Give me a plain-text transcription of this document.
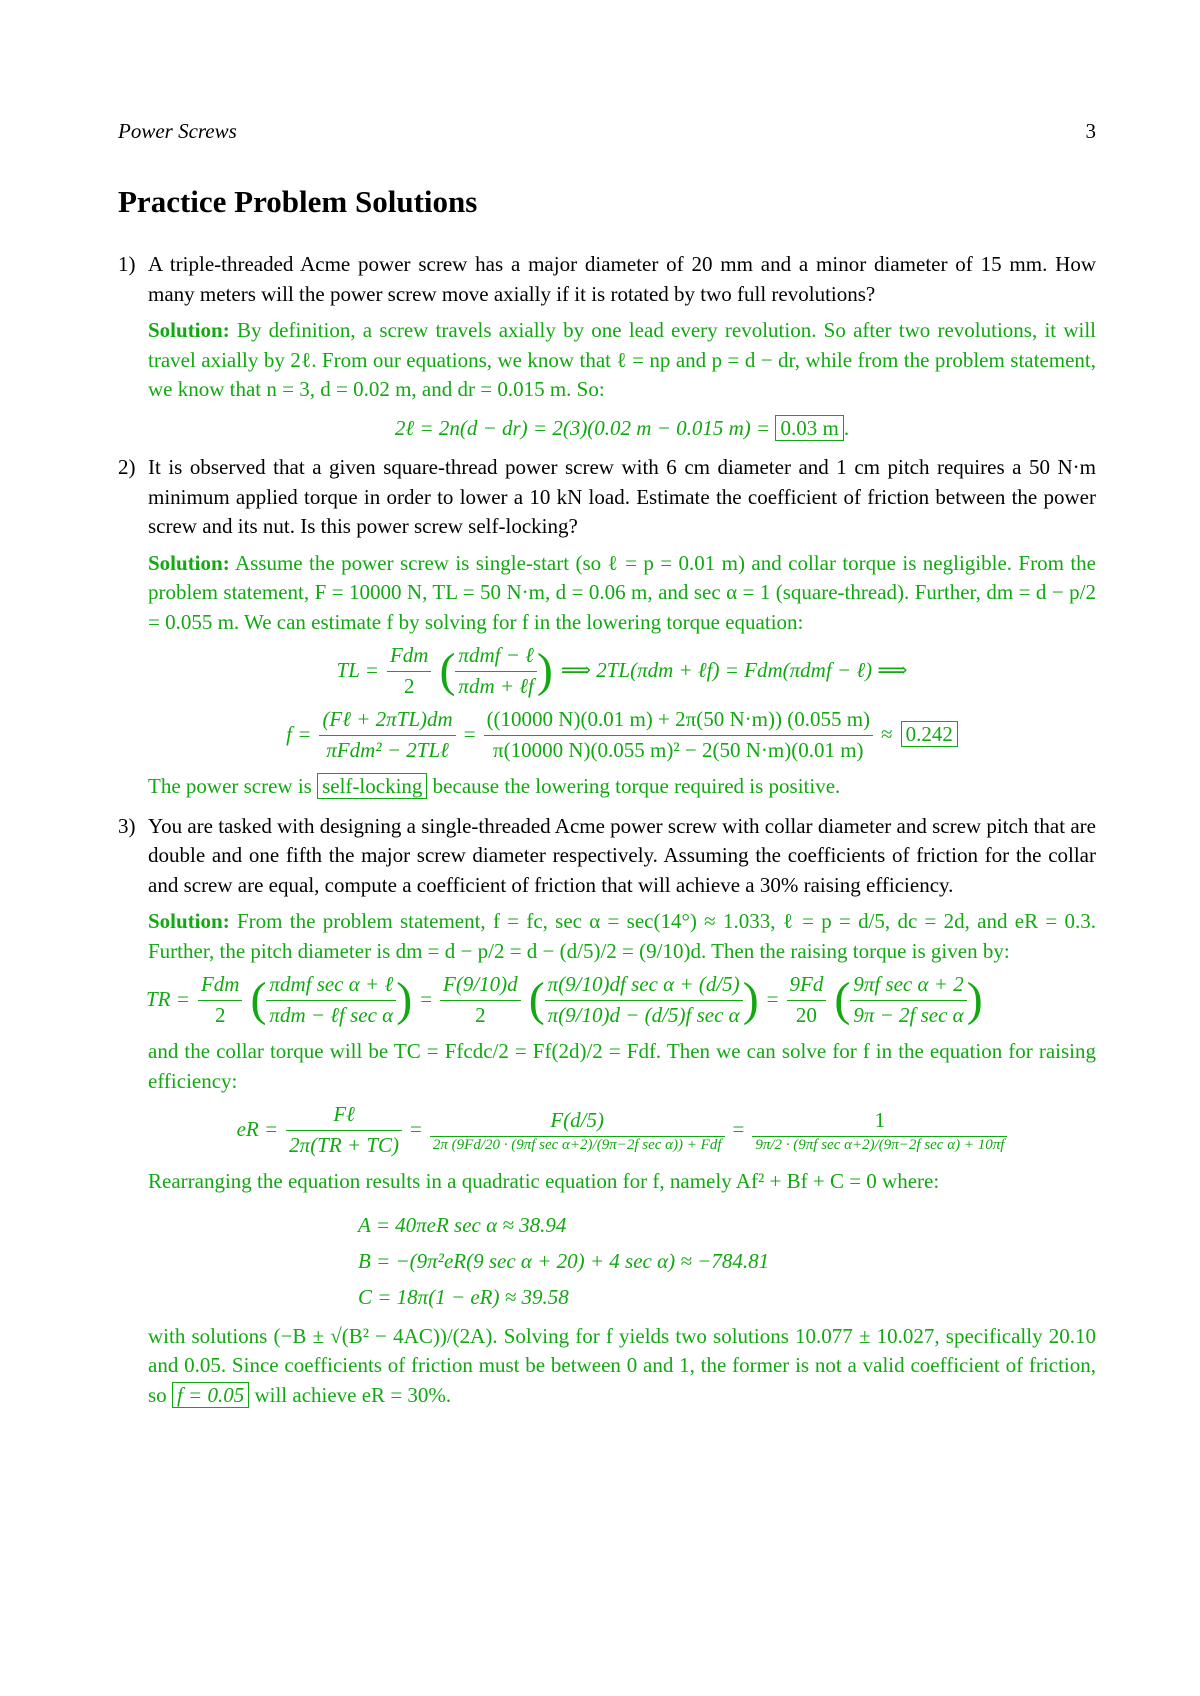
Power Screws	3
Practice Problem Solutions
1) A triple-threaded Acme power screw has a major diameter of 20 mm and a minor diameter of 15 mm. How many meters will the power screw move axially if it is rotated by two full revolutions?
Solution: By definition, a screw travels axially by one lead every revolution. So after two revolutions, it will travel axially by 2ℓ. From our equations, we know that ℓ = np and p = d − dr, while from the problem statement, we know that n = 3, d = 0.02 m, and dr = 0.015 m. So:
2ℓ = 2n(d − dr) = 2(3)(0.02 m − 0.015 m) = 0.03 m .
2) It is observed that a given square-thread power screw with 6 cm diameter and 1 cm pitch requires a 50 N·m minimum applied torque in order to lower a 10 kN load. Estimate the coefficient of friction between the power screw and its nut. Is this power screw self-locking?
Solution: Assume the power screw is single-start (so ℓ = p = 0.01 m) and collar torque is negligible. From the problem statement, F = 10000 N, TL = 50 N·m, d = 0.06 m, and sec α = 1 (square-thread). Further, dm = d − p/2 = 0.055 m. We can estimate f by solving for f in the lowering torque equation:
TL =	$\frac{\text{Fdm}}{2}$	( $\frac{\text{πdmf − ℓ}}{\text{πdm + ℓf}}$ )	⟹ 2TL(πdm + ℓf) = Fdm(πdmf − ℓ) ⟹
f =	$\frac{\text{(Fℓ + 2πTL)dm}}{\text{πFdm² − 2TLℓ}}$	=	$\frac{((10000 N)(0.01 m) + 2\pi(50 N\cdot m)) (0.055 m)}{\text{π(10000 N)(0.055 m)² − 2(50 N·m)(0.01 m)}}$	≈	0.242
The power screw is self-locking because the lowering torque required is positive.
3) You are tasked with designing a single-threaded Acme power screw with collar diameter and screw pitch that are double and one fifth the major screw diameter respectively. Assuming the coefficients of friction for the collar and screw are equal, compute a coefficient of friction that will achieve a 30% raising efficiency.
Solution: From the problem statement, f = fc, sec α = sec(14°) ≈ 1.033, ℓ = p = d/5, dc = 2d, and eR = 0.3. Further, the pitch diameter is dm = d − p/2 = d − (d/5)/2 = (9/10)d. Then the raising torque is given by:
TR =	$\frac{\text{Fdm}}{2}$	( $\frac{\text{πdmf sec α + ℓ}}{\text{πdm − ℓf sec α}}$ )	=	$\frac{F(9/10)d}{2}$	( $\frac{\text{π(9/10)df sec α + (d/5)}}{\text{π(9/10)d − (d/5)f sec α}}$ )	=	$\frac{9Fd}{20}$	( $\frac{\text{9πf sec α + 2}}{\text{9π − 2f sec α}}$ )
and the collar torque will be TC = Ffcdc/2 = Ff(2d)/2 = Fdf. Then we can solve for f in the equation for raising efficiency:
eR =	$\frac{\text{Fℓ}}{2\pi(TR + TC)}$	=	$\frac{F(d/5)}{\text{2π (9Fd/20 · (9πf sec α+2)/(9π−2f sec α)) + Fdf}}$	=	$\frac{1}{\text{9π/2 · (9πf sec α+2)/(9π−2f sec α) + 10πf}}$
Rearranging the equation results in a quadratic equation for f, namely Af² + Bf + C = 0 where:
A = 40πeR sec α ≈ 38.94
B = −(9π²eR(9 sec α + 20) + 4 sec α) ≈ −784.81
C = 18π(1 − eR) ≈ 39.58
with solutions (−B ± √(B² − 4AC))/(2A). Solving for f yields two solutions 10.077 ± 10.027, specifically 20.10 and 0.05. Since coefficients of friction must be between 0 and 1, the former is not a valid coefficient of friction, so f = 0.05 will achieve eR = 30%.
